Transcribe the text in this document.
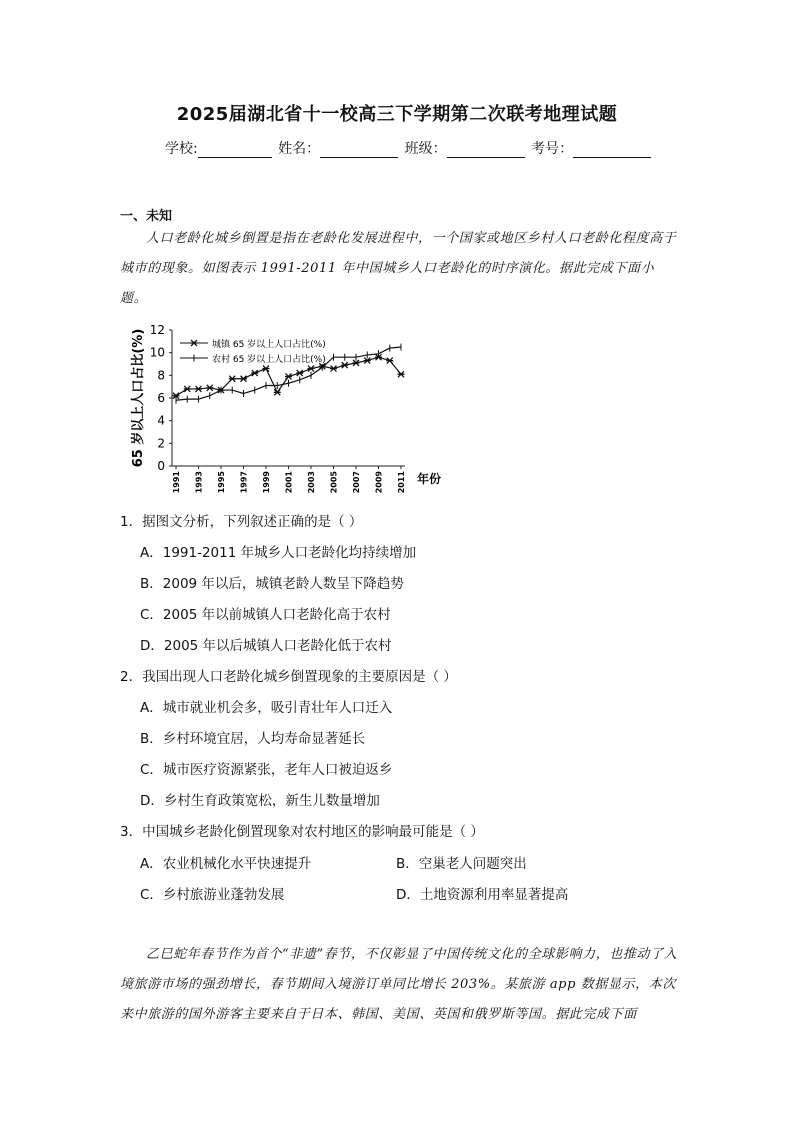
2025届湖北省十一校高三下学期第二次联考地理试题
学校:	姓名：	班级：	考号：
一、未知
人口老龄化城乡倒置是指在老龄化发展进程中，一个国家或地区乡村人口老龄化程度高于城市的现象。如图表示 1991-2011 年中国城乡人口老龄化的时序演化。据此完成下面小题。
0
2
4
6
8
10
12
1991 1993 1995 1997 1999 2001 2003 2005 2007 2009 2011 年份
65 岁以上人口占比(%)	城镇 65 岁以上人口占比(%)
农村 65 岁以上人口占比(%)
1．据图文分析，下列叙述正确的是（ ）
A．1991-2011 年城乡人口老龄化均持续增加
B．2009 年以后，城镇老龄人数呈下降趋势
C．2005 年以前城镇人口老龄化高于农村
D．2005 年以后城镇人口老龄化低于农村
2．我国出现人口老龄化城乡倒置现象的主要原因是（ ）
A．城市就业机会多，吸引青壮年人口迁入
B．乡村环境宜居，人均寿命显著延长
C．城市医疗资源紧张，老年人口被迫返乡
D．乡村生育政策宽松，新生儿数量增加
3．中国城乡老龄化倒置现象对农村地区的影响最可能是（ ）
A．农业机械化水平快速提升	B．空巢老人问题突出
C．乡村旅游业蓬勃发展	D．土地资源利用率显著提高
乙巳蛇年春节作为首个“非遗”春节，不仅彰显了中国传统文化的全球影响力，也推动了入境旅游市场的强劲增长，春节期间入境游订单同比增长 203%。某旅游 app 数据显示，本次来中旅游的国外游客主要来自于日本、韩国、美国、英国和俄罗斯等国。据此完成下面
